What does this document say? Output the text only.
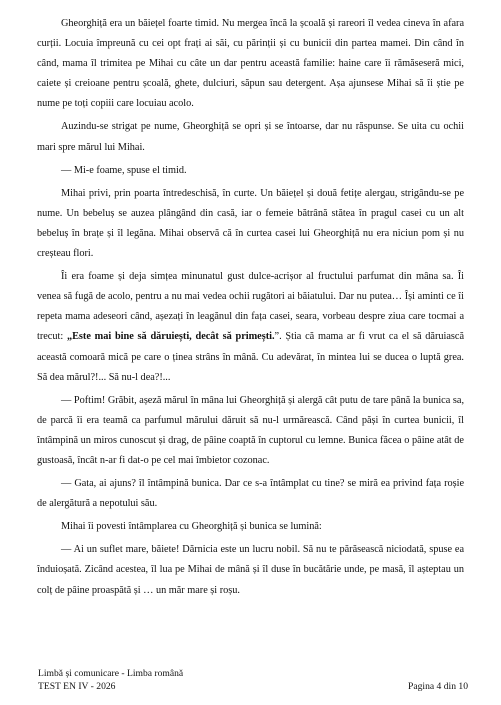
Gheorghiță era un băiețel foarte timid. Nu mergea încă la școală și rareori îl vedea cineva în afara curții. Locuia împreună cu cei opt frați ai săi, cu părinții și cu bunicii din partea mamei. Din când în când, mama îl trimitea pe Mihai cu câte un dar pentru această familie: haine care îi rămăseseră mici, caiete și creioane pentru școală, ghete, dulciuri, săpun sau detergent. Așa ajunsese Mihai să îi știe pe nume pe toți copiii care locuiau acolo.

Auzindu-se strigat pe nume, Gheorghiță se opri și se întoarse, dar nu răspunse. Se uita cu ochii mari spre mărul lui Mihai.

— Mi-e foame, spuse el timid.

Mihai privi, prin poarta întredeschisă, în curte. Un băiețel și două fetițe alergau, strigându-se pe nume. Un bebeluș se auzea plângând din casă, iar o femeie bătrână stătea în pragul casei cu un alt bebeluș în brațe și îl legăna. Mihai observă că în curtea casei lui Gheorghiță nu era niciun pom și nu creșteau flori.

Îi era foame și deja simțea minunatul gust dulce-acrișor al fructului parfumat din mâna sa. Îi venea să fugă de acolo, pentru a nu mai vedea ochii rugători ai băiatului. Dar nu putea… Își aminti ce îi repeta mama adeseori când, așezați în leagănul din fața casei, seara, vorbeau despre ziua care tocmai a trecut: „Este mai bine să dăruiești, decât să primești.”. Știa că mama ar fi vrut ca el să dăruiască această comoară mică pe care o ținea strâns în mână. Cu adevărat, în mintea lui se ducea o luptă grea. Să dea mărul?!... Să nu-l dea?!...

— Poftim! Grăbit, așeză mărul în mâna lui Gheorghiță și alergă cât putu de tare până la bunica sa, de parcă îi era teamă ca parfumul mărului dăruit să nu-l urmărească. Când păși în curtea bunicii, îl întâmpină un miros cunoscut și drag, de pâine coaptă în cuptorul cu lemne. Bunica făcea o pâine atât de gustoasă, încât n-ar fi dat-o pe cel mai îmbietor cozonac.

— Gata, ai ajuns? îl întâmpină bunica. Dar ce s-a întâmplat cu tine? se miră ea privind fața roșie de alergătură a nepotului său.

Mihai îi povesti întâmplarea cu Gheorghiță și bunica se lumină:

— Ai un suflet mare, băiete! Dărnicia este un lucru nobil. Să nu te părăsească niciodată, spuse ea înduioșată. Zicând acestea, îl lua pe Mihai de mână și îl duse în bucătărie unde, pe masă, îl așteptau un colț de pâine proaspătă și … un măr mare și roșu.

Limbă și comunicare - Limba română
TEST EN IV - 2026	Pagina 4 din 10
